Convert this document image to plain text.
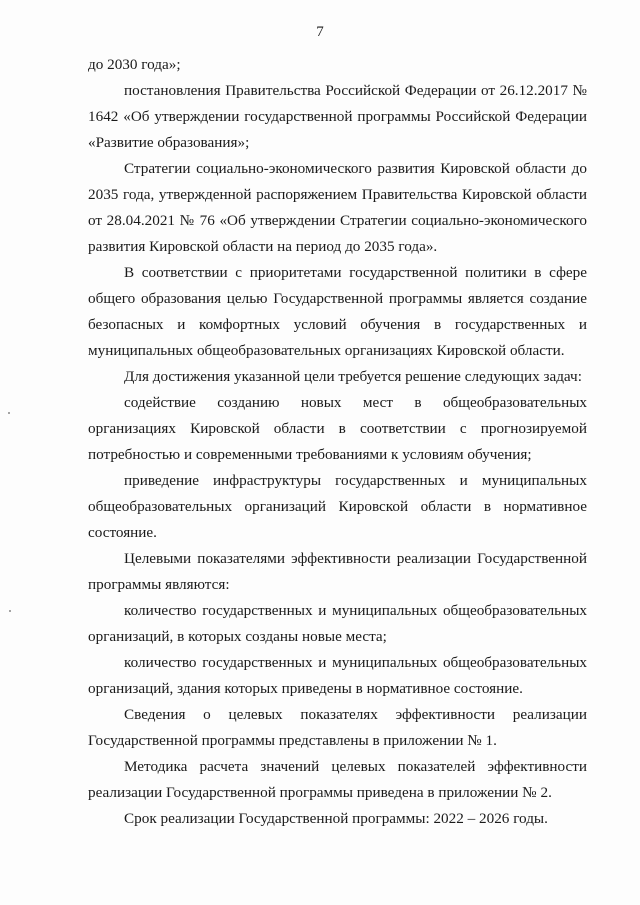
7

до 2030 года»;

постановления Правительства Российской Федерации от 26.12.2017 № 1642 «Об утверждении государственной программы Российской Федерации «Развитие образования»;

Стратегии социально-экономического развития Кировской области до 2035 года, утвержденной распоряжением Правительства Кировской области от 28.04.2021 № 76 «Об утверждении Стратегии социально-экономического развития Кировской области на период до 2035 года».

В соответствии с приоритетами государственной политики в сфере общего образования целью Государственной программы является создание безопасных и комфортных условий обучения в государственных и муниципальных общеобразовательных организациях Кировской области.

Для достижения указанной цели требуется решение следующих задач:

содействие созданию новых мест в общеобразовательных организациях Кировской области в соответствии с прогнозируемой потребностью и современными требованиями к условиям обучения;

приведение инфраструктуры государственных и муниципальных общеобразовательных организаций Кировской области в нормативное состояние.

Целевыми показателями эффективности реализации Государственной программы являются:

количество государственных и муниципальных общеобразовательных организаций, в которых созданы новые места;

количество государственных и муниципальных общеобразовательных организаций, здания которых приведены в нормативное состояние.

Сведения о целевых показателях эффективности реализации Государственной программы представлены в приложении № 1.

Методика расчета значений целевых показателей эффективности реализации Государственной программы приведена в приложении № 2.

Срок реализации Государственной программы: 2022 – 2026 годы.
